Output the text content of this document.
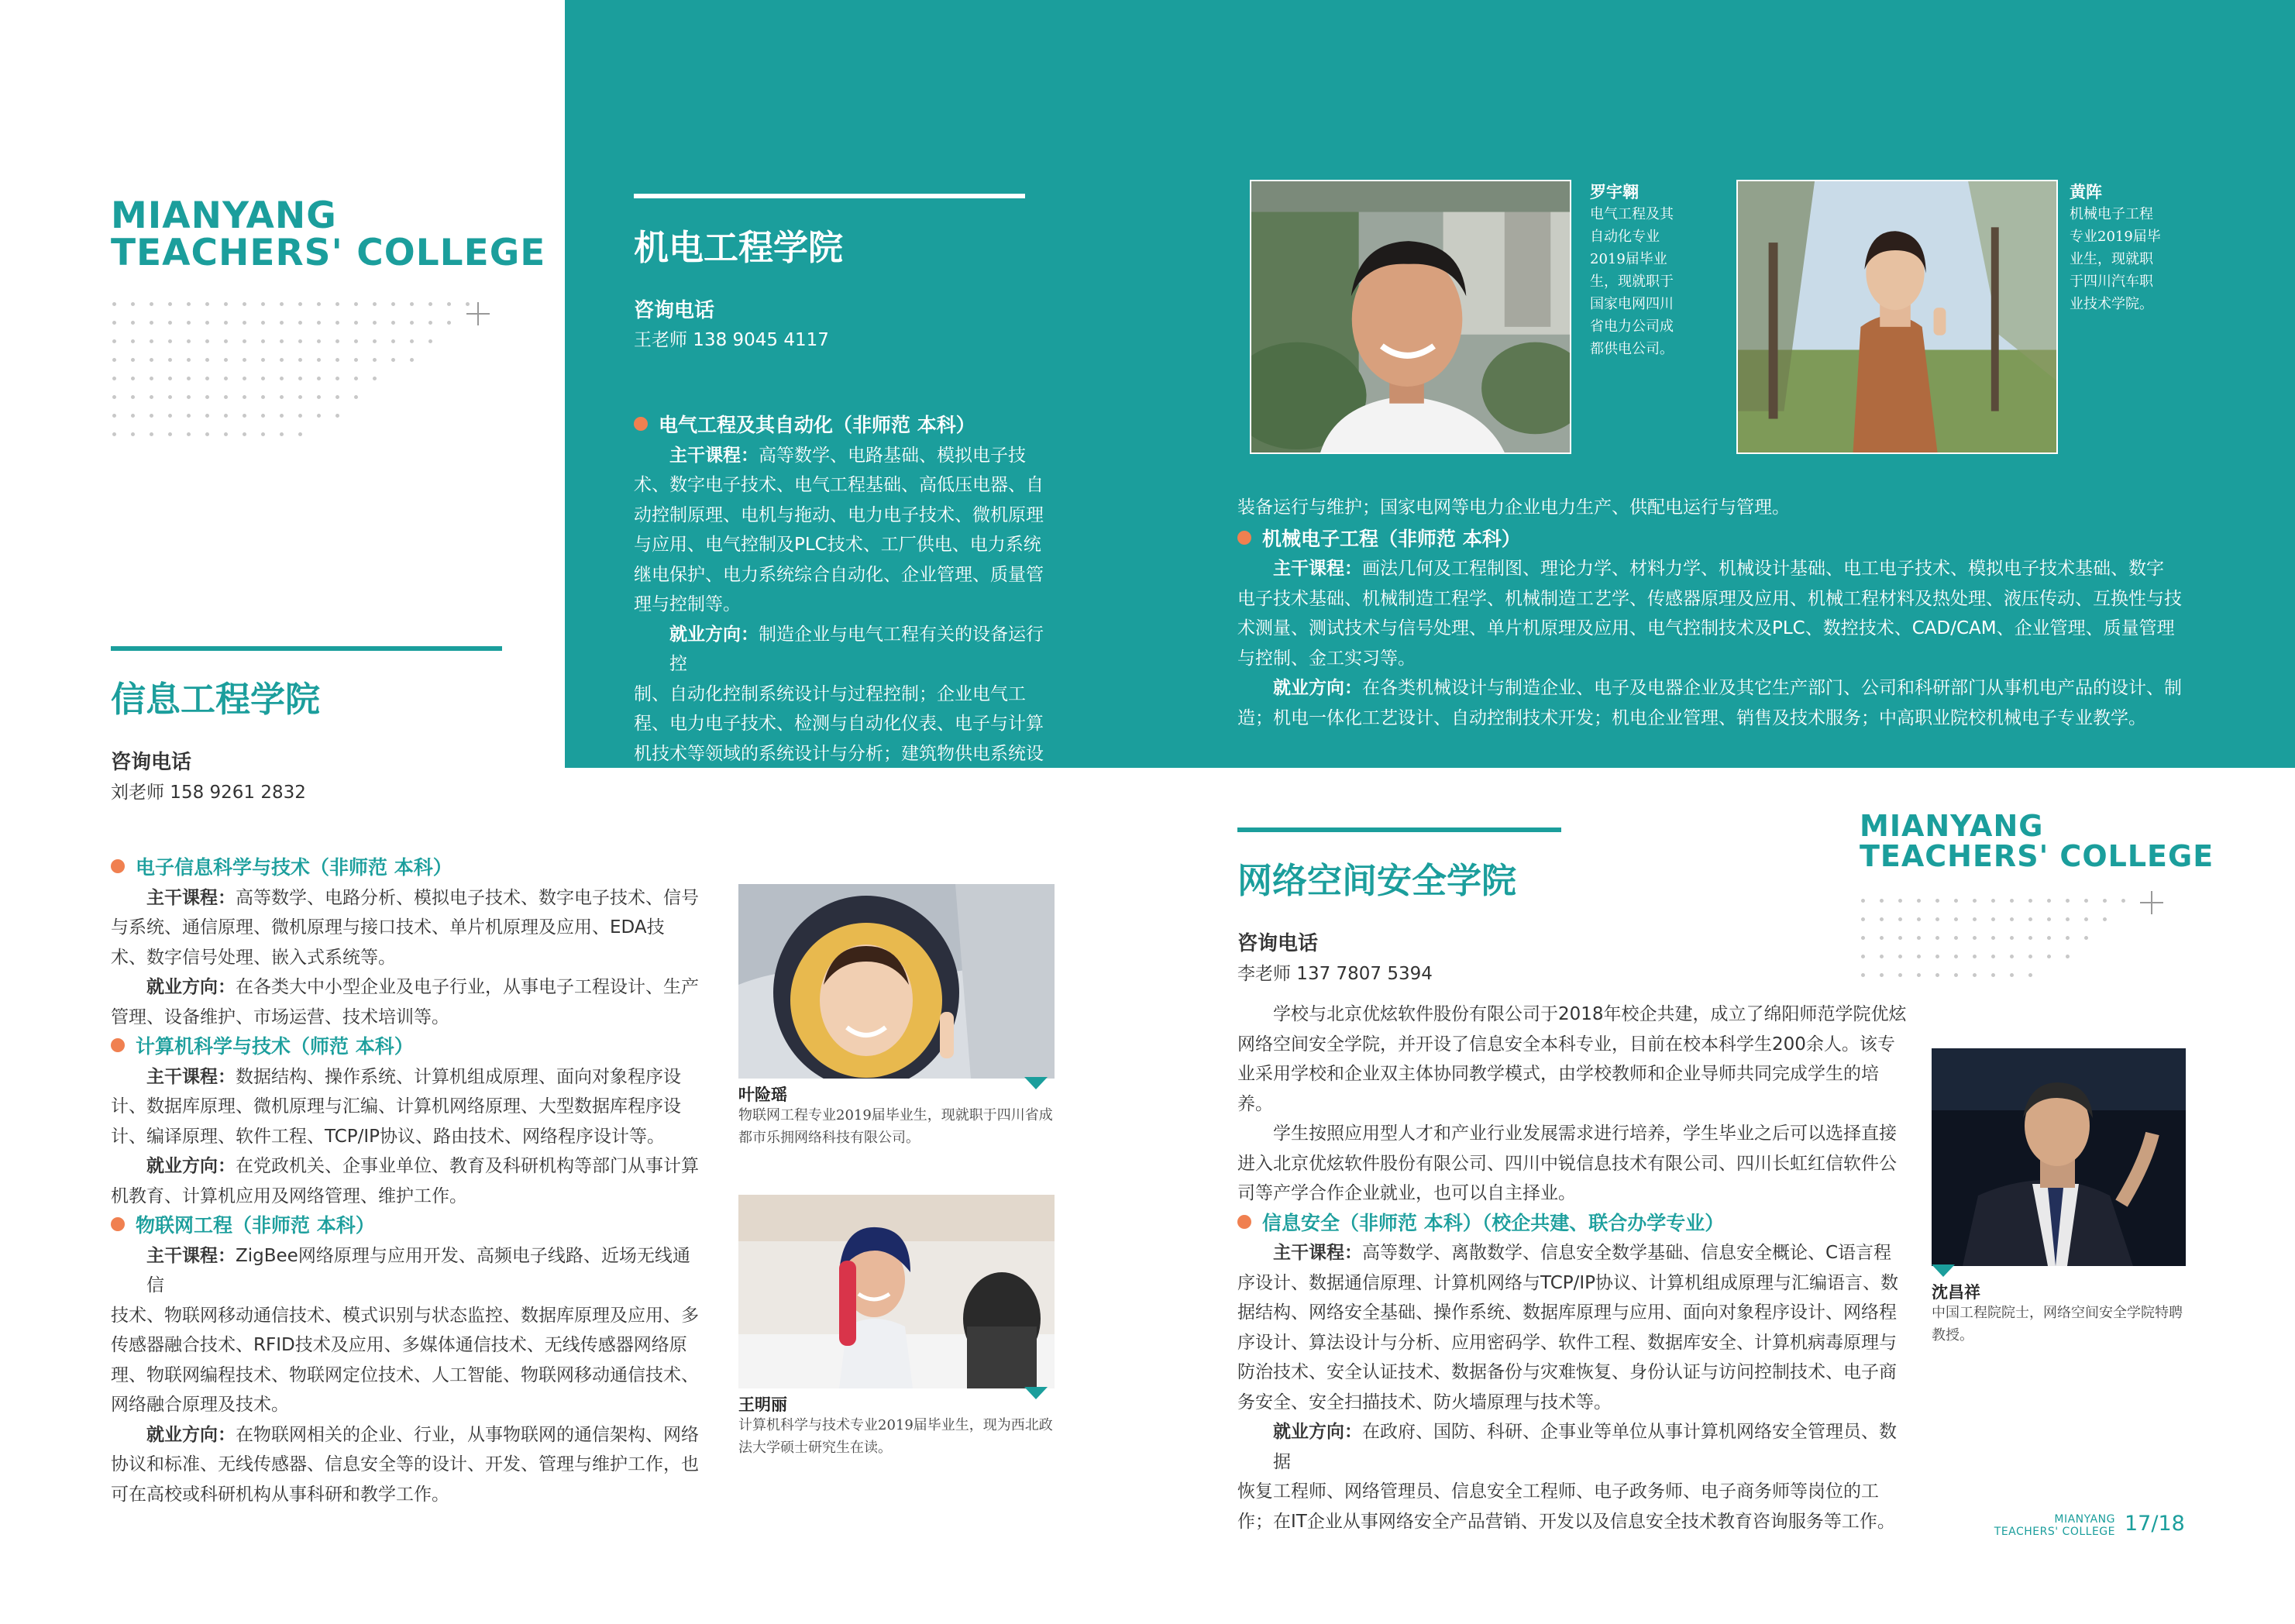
MIANYANG
TEACHERS' COLLEGE	机电工程学院
咨询电话
王老师 138 9045 4117

电气工程及其自动化（非师范 本科）

主干课程：高等数学、电路基础、模拟电子技

术、数字电子技术、电气工程基础、高低压电器、自动控制原理、电机与拖动、电力电子技术、微机原理与应用、电气控制及PLC技术、工厂供电、电力系统继电保护、电力系统综合自动化、企业管理、质量管理与控制等。

就业方向：制造企业与电气工程有关的设备运行控

制、自动化控制系统设计与过程控制；企业电气工程、电力电子技术、检测与自动化仪表、电子与计算机技术等领域的系统设计与分析；建筑物供电系统设计、电气

装备运行与维护；国家电网等电力企业电力生产、供配电运行与管理。

机械电子工程（非师范 本科）

主干课程：画法几何及工程制图、理论力学、材料力学、机械设计基础、电工电子技术、模拟电子技术基础、数字

电子技术基础、机械制造工程学、机械制造工艺学、传感器原理及应用、机械工程材料及热处理、液压传动、互换性与技术测量、测试技术与信号处理、单片机原理及应用、电气控制技术及PLC、数控技术、CAD/CAM、企业管理、质量管理与控制、金工实习等。

就业方向：在各类机械设计与制造企业、电子及电器企业及其它生产部门、公司和科研部门从事机电产品的设计、制

造；机电一体化工艺设计、自动控制技术开发；机电企业管理、销售及技术服务；中高职业院校机械电子专业教学。

罗宇翱
电气工程及其自动化专业2019届毕业生，现就职于国家电网四川省电力公司成都供电公司。
黄阵
机械电子工程专业2019届毕业生，现就职于四川汽车职业技术学院。
信息工程学院
咨询电话
刘老师 158 9261 2832

电子信息科学与技术（非师范 本科）

主干课程：高等数学、电路分析、模拟电子技术、数字电子技术、信号

与系统、通信原理、微机原理与接口技术、单片机原理及应用、EDA技术、数字信号处理、嵌入式系统等。

就业方向：在各类大中小型企业及电子行业，从事电子工程设计、生产

管理、设备维护、市场运营、技术培训等。

计算机科学与技术（师范 本科）

主干课程：数据结构、操作系统、计算机组成原理、面向对象程序设

计、数据库原理、微机原理与汇编、计算机网络原理、大型数据库程序设计、编译原理、软件工程、TCP/IP协议、路由技术、网络程序设计等。

就业方向：在党政机关、企事业单位、教育及科研机构等部门从事计算

机教育、计算机应用及网络管理、维护工作。

物联网工程（非师范 本科）

主干课程：ZigBee网络原理与应用开发、高频电子线路、近场无线通信

技术、物联网移动通信技术、模式识别与状态监控、数据库原理及应用、多传感器融合技术、RFID技术及应用、多媒体通信技术、无线传感器网络原理、物联网编程技术、物联网定位技术、人工智能、物联网移动通信技术、网络融合原理及技术。

就业方向：在物联网相关的企业、行业，从事物联网的通信架构、网络

协议和标准、无线传感器、信息安全等的设计、开发、管理与维护工作，也可在高校或科研机构从事科研和教学工作。

叶险瑶
物联网工程专业2019届毕业生，现就职于四川省成都市乐拥网络科技有限公司。
王明丽
计算机科学与技术专业2019届毕业生，现为西北政法大学硕士研究生在读。
网络空间安全学院
咨询电话
李老师 137 7807 5394

学校与北京优炫软件股份有限公司于2018年校企共建，成立了绵阳师范学院优炫网络空间安全学院，并开设了信息安全本科专业，目前在校本科学生200余人。该专业采用学校和企业双主体协同教学模式，由学校教师和企业导师共同完成学生的培养。

学生按照应用型人才和产业行业发展需求进行培养，学生毕业之后可以选择直接进入北京优炫软件股份有限公司、四川中锐信息技术有限公司、四川长虹红信软件公司等产学合作企业就业，也可以自主择业。

信息安全（非师范 本科）（校企共建、联合办学专业）

主干课程：高等数学、离散数学、信息安全数学基础、信息安全概论、C语言程

序设计、数据通信原理、计算机网络与TCP/IP协议、计算机组成原理与汇编语言、数据结构、网络安全基础、操作系统、数据库原理与应用、面向对象程序设计、网络程序设计、算法设计与分析、应用密码学、软件工程、数据库安全、计算机病毒原理与防治技术、安全认证技术、数据备份与灾难恢复、身份认证与访问控制技术、电子商务安全、安全扫描技术、防火墙原理与技术等。

就业方向：在政府、国防、科研、企事业等单位从事计算机网络安全管理员、数据

恢复工程师、网络管理员、信息安全工程师、电子政务师、电子商务师等岗位的工作；在IT企业从事网络安全产品营销、开发以及信息安全技术教育咨询服务等工作。

MIANYANG
TEACHERS' COLLEGE
沈昌祥
中国工程院院士，网络空间安全学院特聘教授。
MIANYANG
TEACHERS' COLLEGE 17/18
